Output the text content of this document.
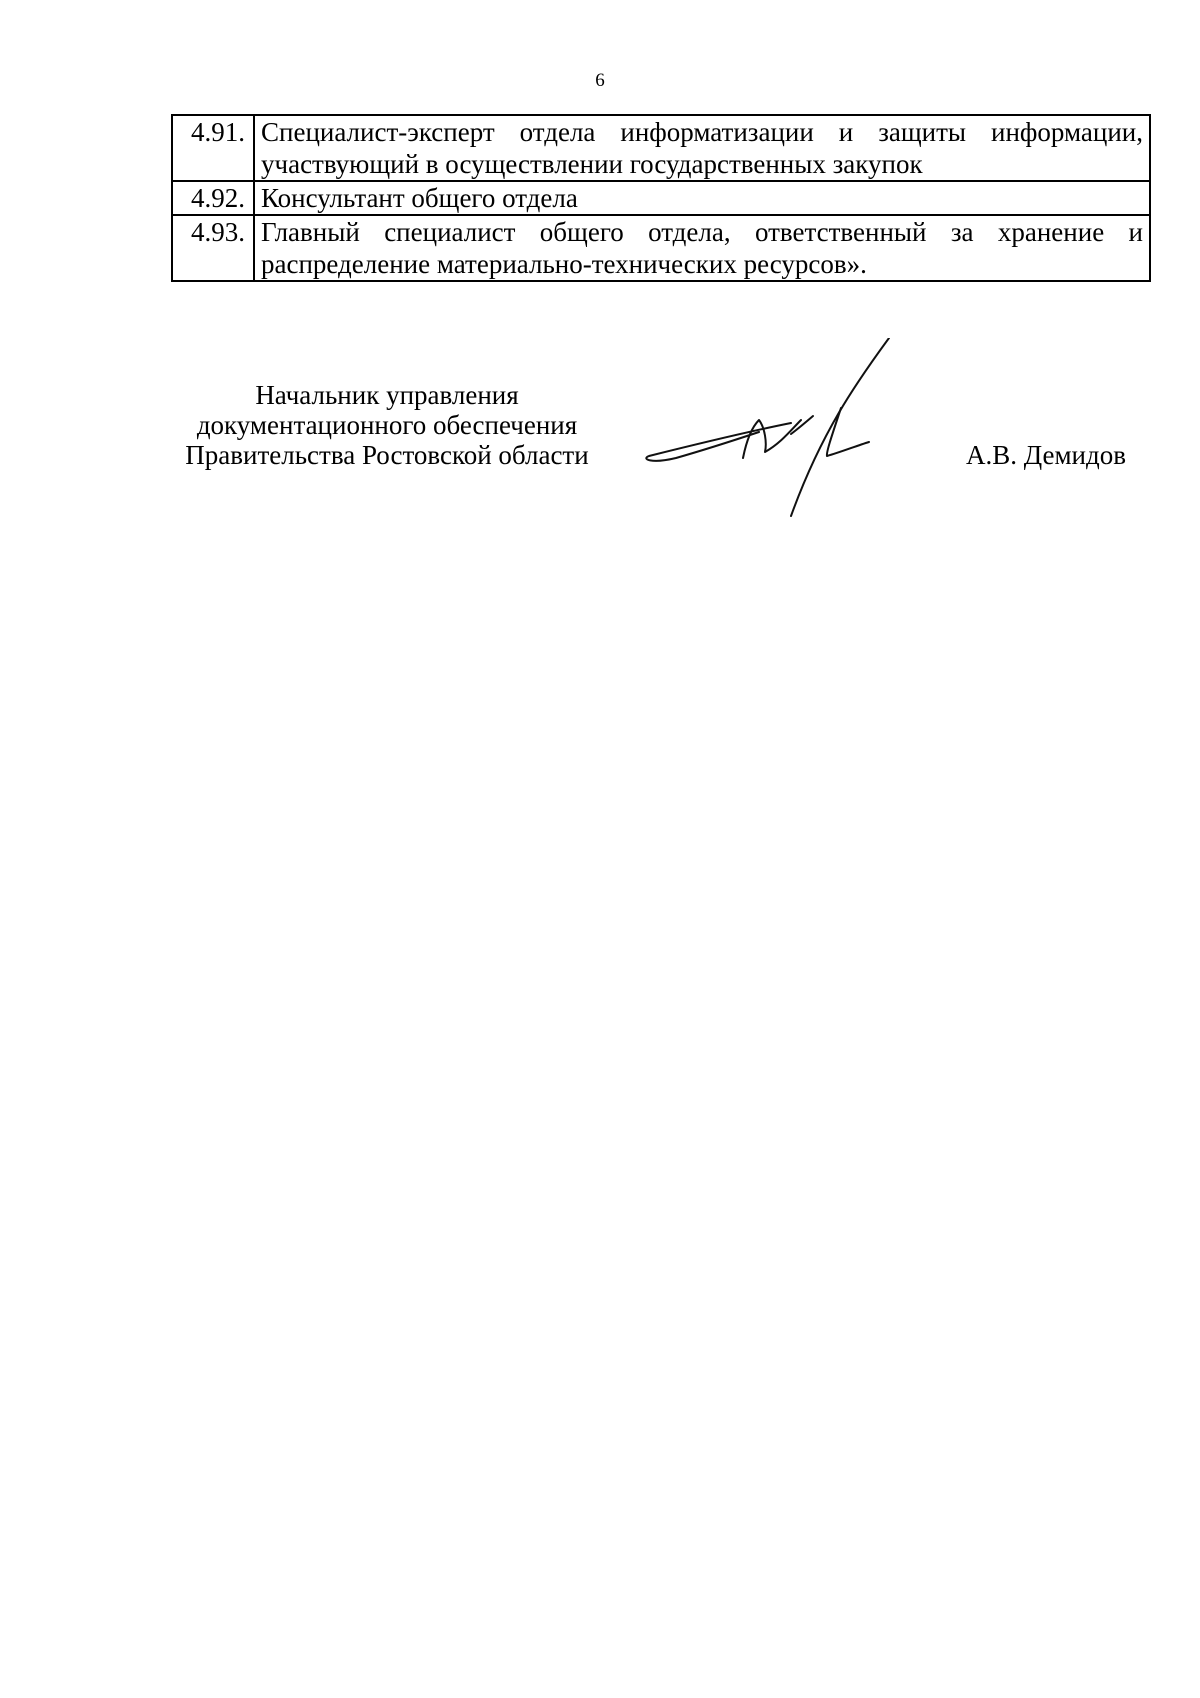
6
4.91.	Специалист-эксперт отдела информатизации и защиты информации, участвующий в осуществлении государственных закупок
4.92.	Консультант общего отдела
4.93.	Главный специалист общего отдела, ответственный за хранение и распределение материально-технических ресурсов».
Начальник управления
документационного обеспечения
Правительства Ростовской области	А.В. Демидов
